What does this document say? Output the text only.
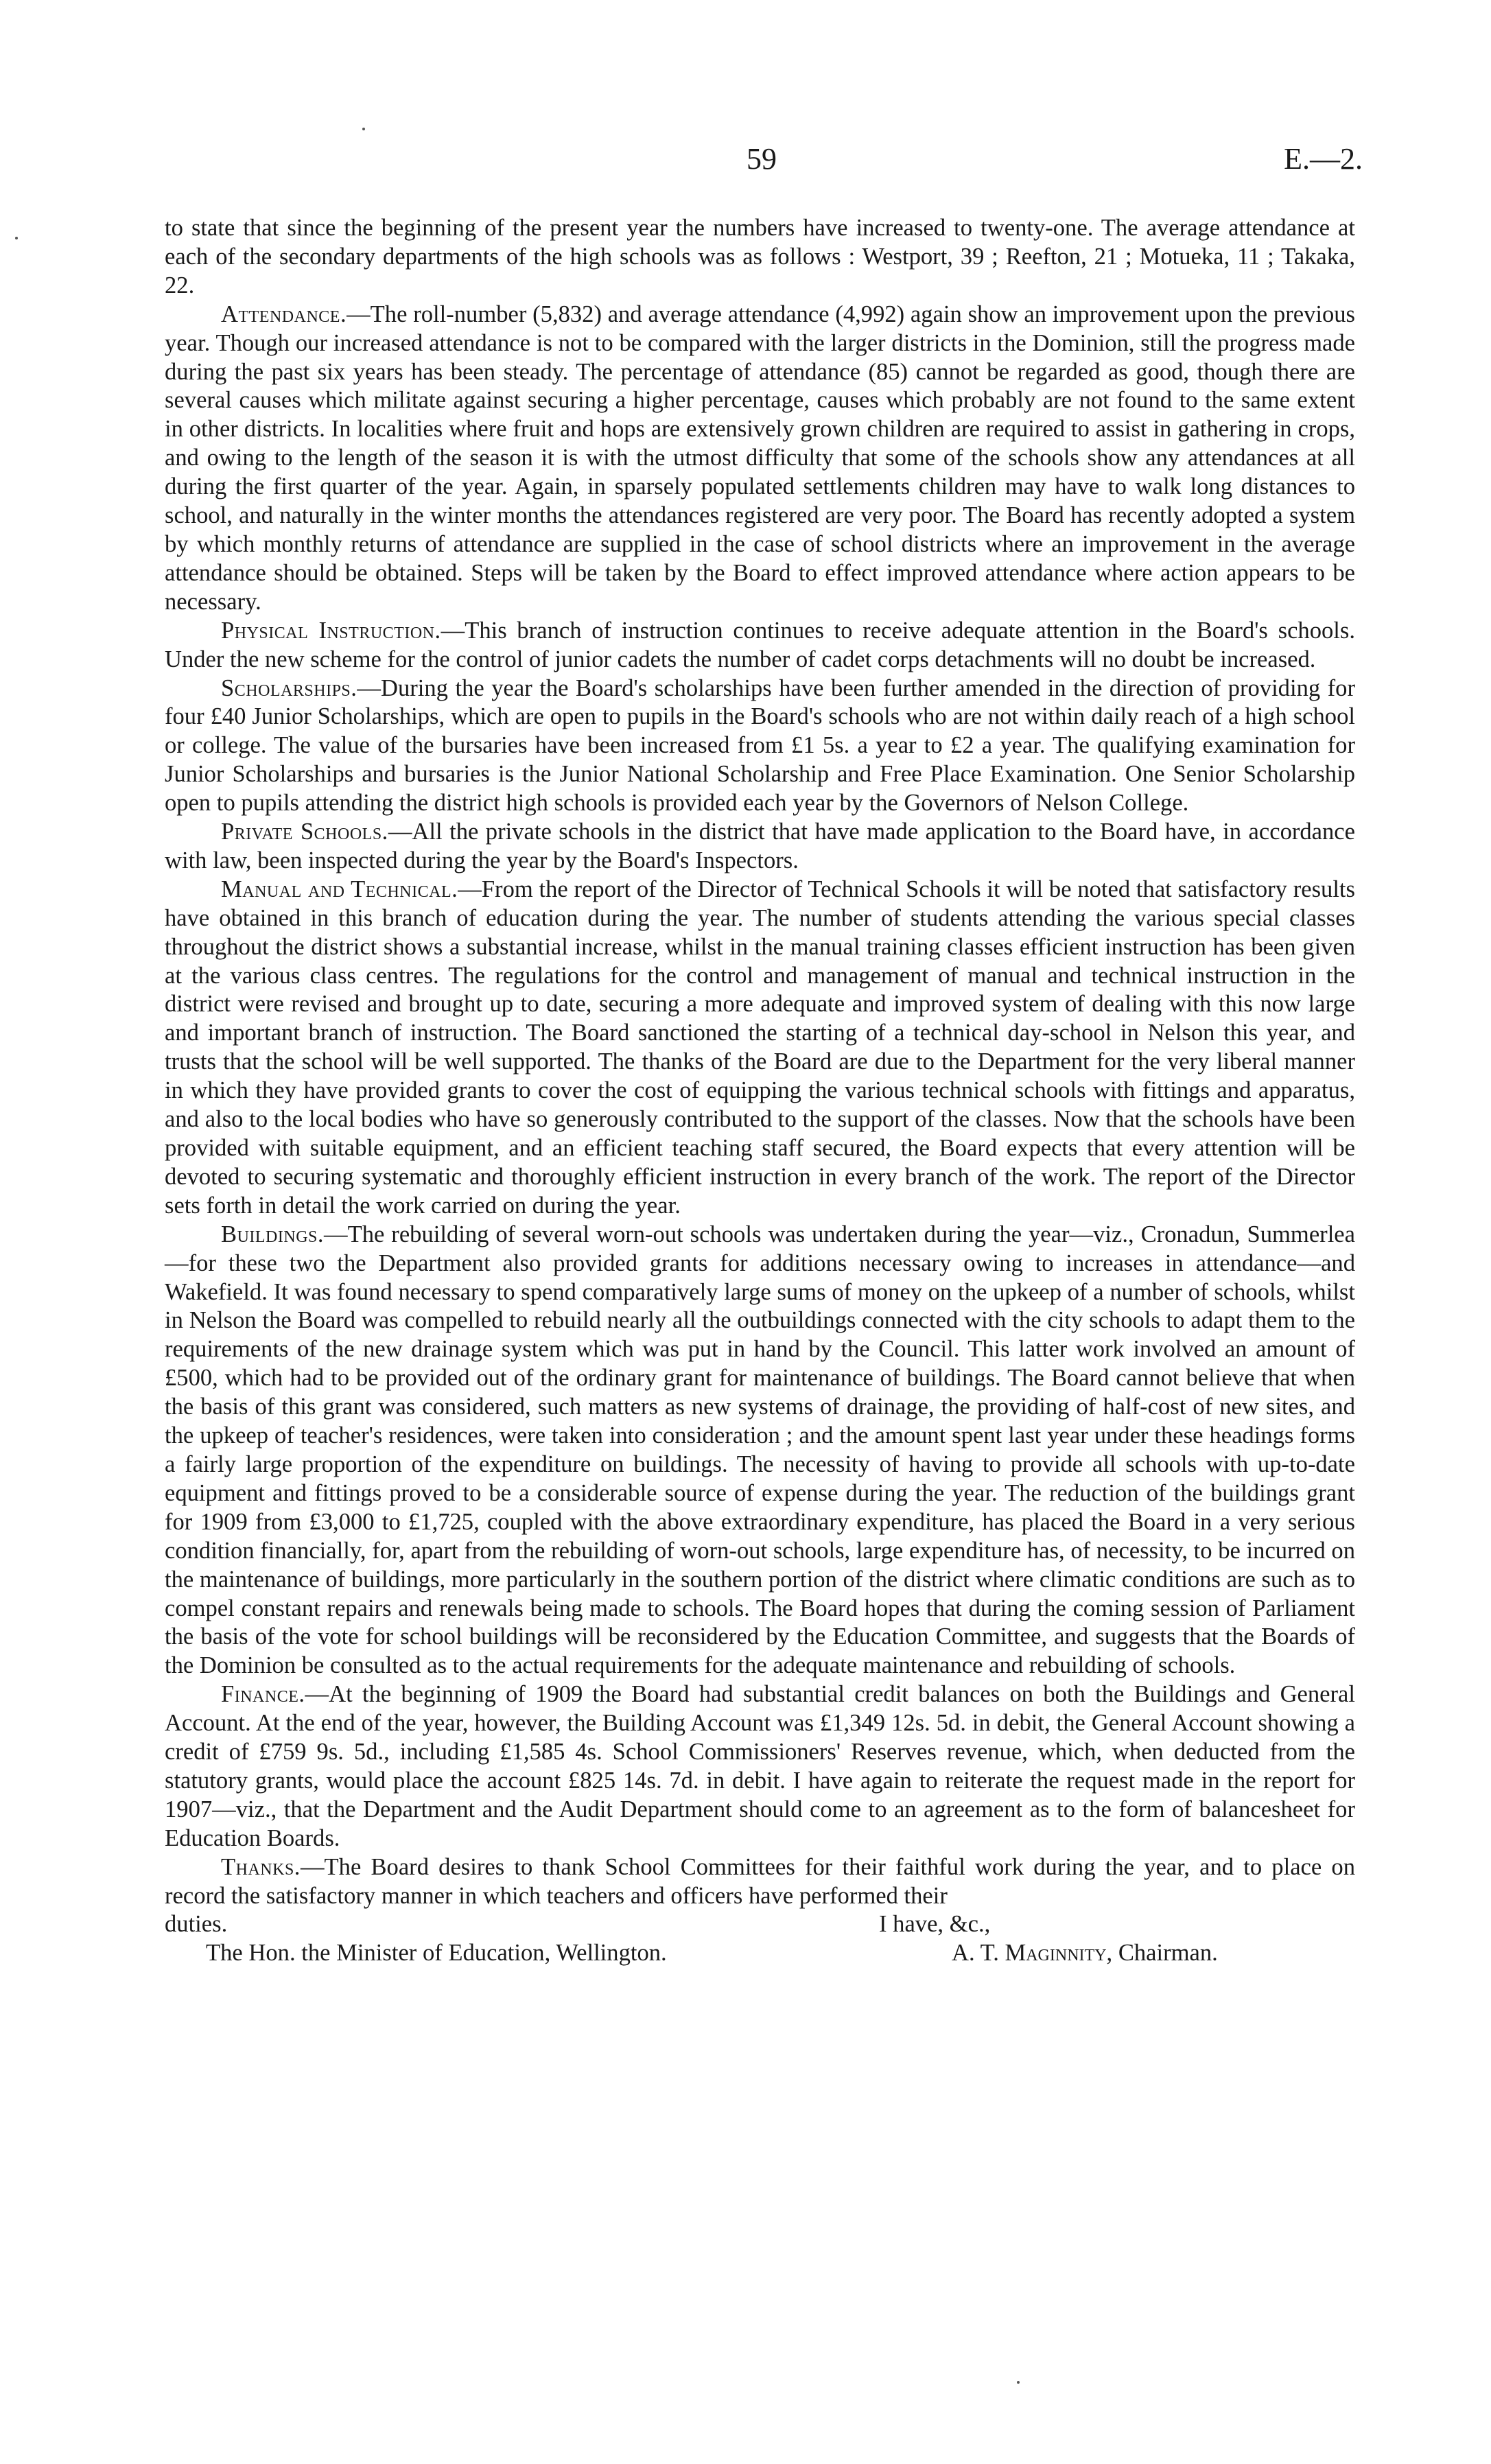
59	E.—2.

to state that since the beginning of the present year the numbers have increased to twenty-one. The average attendance at each of the secondary departments of the high schools was as follows : Westport, 39 ; Reefton, 21 ; Motueka, 11 ; Takaka, 22.

Attendance.—The roll-number (5,832) and average attendance (4,992) again show an improvement upon the previous year. Though our increased attendance is not to be compared with the larger districts in the Dominion, still the progress made during the past six years has been steady. The percentage of attendance (85) cannot be regarded as good, though there are several causes which militate against securing a higher percentage, causes which probably are not found to the same extent in other districts. In localities where fruit and hops are extensively grown children are required to assist in gathering in crops, and owing to the length of the season it is with the utmost difficulty that some of the schools show any attendances at all during the first quarter of the year. Again, in sparsely populated settlements children may have to walk long distances to school, and naturally in the winter months the attendances registered are very poor. The Board has recently adopted a system by which monthly returns of attendance are supplied in the case of school districts where an improvement in the average attendance should be obtained. Steps will be taken by the Board to effect improved attendance where action appears to be necessary.

Physical Instruction.—This branch of instruction continues to receive adequate attention in the Board's schools. Under the new scheme for the control of junior cadets the number of cadet corps detachments will no doubt be increased.

Scholarships.—During the year the Board's scholarships have been further amended in the direction of providing for four £40 Junior Scholarships, which are open to pupils in the Board's schools who are not within daily reach of a high school or college. The value of the bursaries have been increased from £1 5s. a year to £2 a year. The qualifying examination for Junior Scholarships and bursaries is the Junior National Scholarship and Free Place Examination. One Senior Scholarship open to pupils attending the district high schools is provided each year by the Governors of Nelson College.

Private Schools.—All the private schools in the district that have made application to the Board have, in accordance with law, been inspected during the year by the Board's Inspectors.

Manual and Technical.—From the report of the Director of Technical Schools it will be noted that satisfactory results have obtained in this branch of education during the year. The number of students attending the various special classes throughout the district shows a substantial increase, whilst in the manual training classes efficient instruction has been given at the various class centres. The regulations for the control and management of manual and technical instruction in the district were revised and brought up to date, securing a more adequate and improved system of dealing with this now large and important branch of instruction. The Board sanctioned the starting of a technical day-school in Nelson this year, and trusts that the school will be well supported. The thanks of the Board are due to the Department for the very liberal manner in which they have provided grants to cover the cost of equipping the various technical schools with fittings and apparatus, and also to the local bodies who have so generously contributed to the support of the classes. Now that the schools have been provided with suitable equipment, and an efficient teaching staff secured, the Board expects that every attention will be devoted to securing systematic and thoroughly efficient instruction in every branch of the work. The report of the Director sets forth in detail the work carried on during the year.

Buildings.—The rebuilding of several worn-out schools was undertaken during the year—viz., Cronadun, Summerlea—for these two the Department also provided grants for additions necessary owing to increases in attendance—and Wakefield. It was found necessary to spend comparatively large sums of money on the upkeep of a number of schools, whilst in Nelson the Board was compelled to rebuild nearly all the outbuildings connected with the city schools to adapt them to the requirements of the new drainage system which was put in hand by the Council. This latter work involved an amount of £500, which had to be provided out of the ordinary grant for maintenance of buildings. The Board cannot believe that when the basis of this grant was considered, such matters as new systems of drainage, the providing of half-cost of new sites, and the upkeep of teacher's residences, were taken into consideration ; and the amount spent last year under these headings forms a fairly large proportion of the expenditure on buildings. The necessity of having to provide all schools with up-to-date equipment and fittings proved to be a considerable source of expense during the year. The reduction of the buildings grant for 1909 from £3,000 to £1,725, coupled with the above extraordinary expenditure, has placed the Board in a very serious condition financially, for, apart from the rebuilding of worn-out schools, large expenditure has, of necessity, to be incurred on the maintenance of buildings, more particularly in the southern portion of the district where climatic conditions are such as to compel constant repairs and renewals being made to schools. The Board hopes that during the coming session of Parliament the basis of the vote for school buildings will be reconsidered by the Education Committee, and suggests that the Boards of the Dominion be consulted as to the actual requirements for the adequate maintenance and rebuilding of schools.

Finance.—At the beginning of 1909 the Board had substantial credit balances on both the Buildings and General Account. At the end of the year, however, the Building Account was £1,349 12s. 5d. in debit, the General Account showing a credit of £759 9s. 5d., including £1,585 4s. School Commissioners' Reserves revenue, which, when deducted from the statutory grants, would place the account £825 14s. 7d. in debit. I have again to reiterate the request made in the report for 1907—viz., that the Department and the Audit Department should come to an agreement as to the form of balancesheet for Education Boards.

Thanks.—The Board desires to thank School Committees for their faithful work during the year, and to place on record the satisfactory manner in which teachers and officers have performed their

duties.	I have, &c.,
The Hon. the Minister of Education, Wellington.	A. T. Maginnity, Chairman.
